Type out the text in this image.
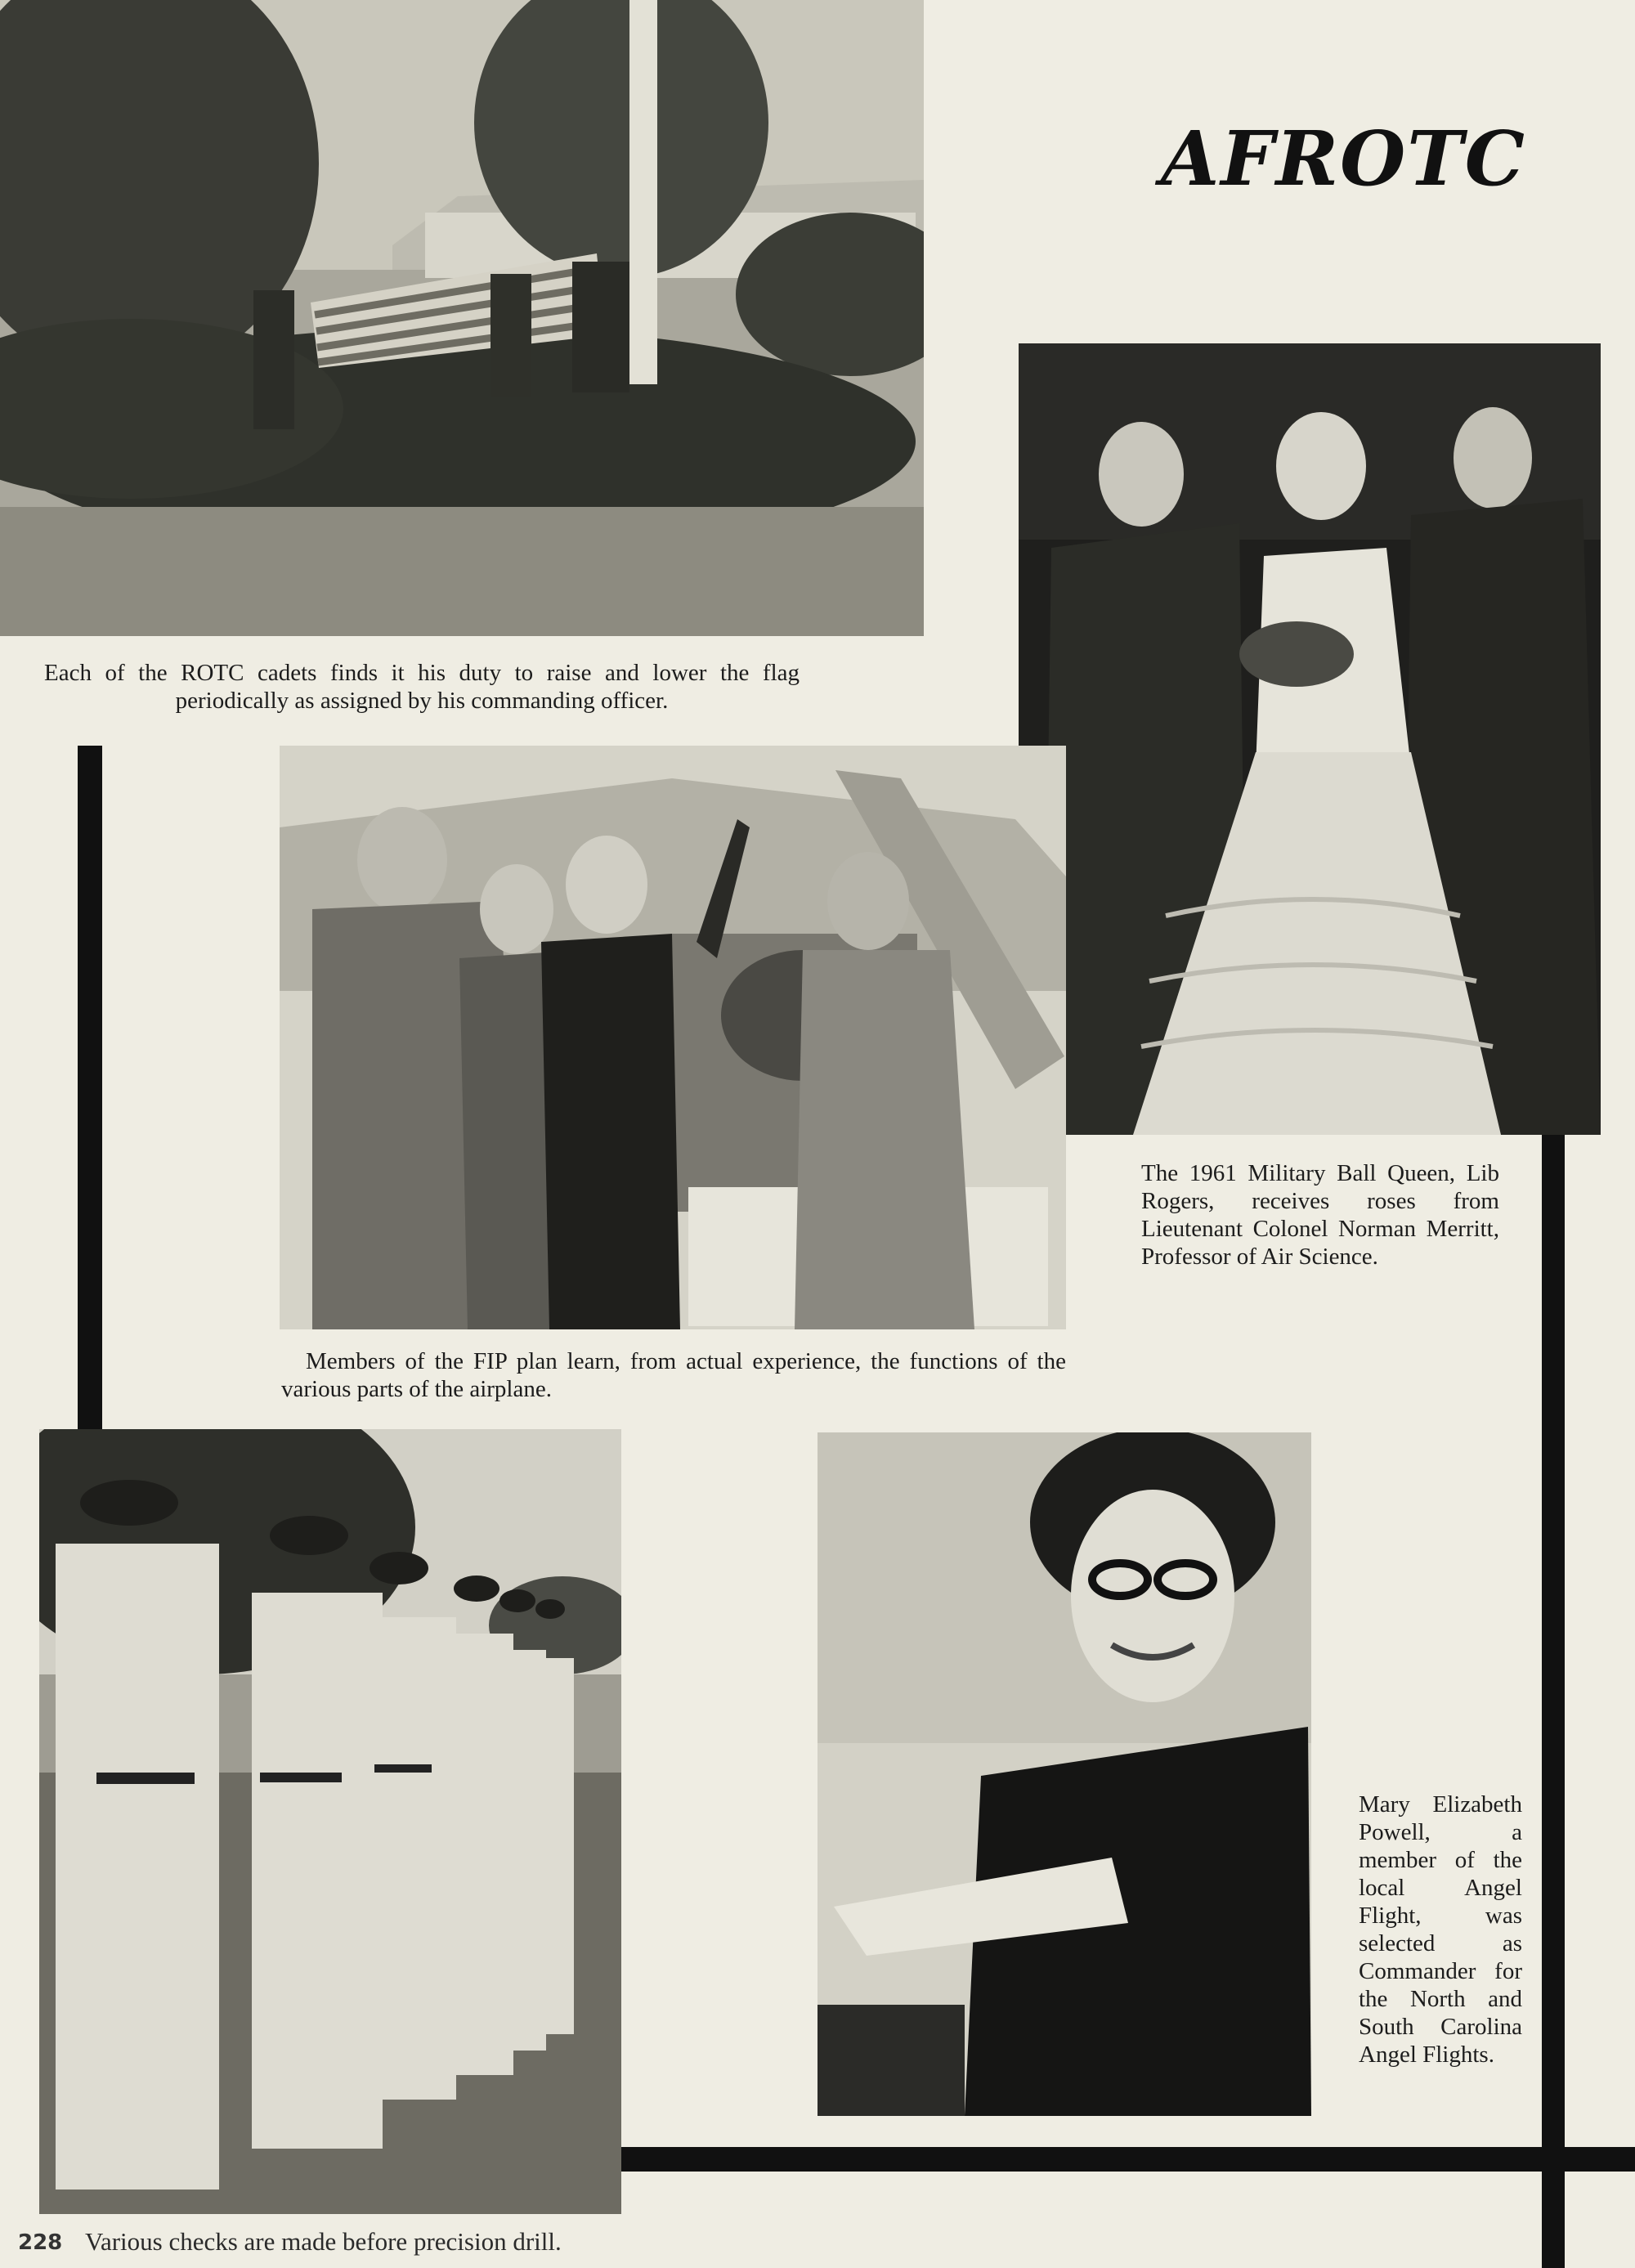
AFROTC

Each of the ROTC cadets finds it his duty to raise and lower the flag periodically as assigned by his commanding officer.

The 1961 Military Ball Queen, Lib Rogers, receives roses from Lieutenant Colonel Norman Merritt, Professor of Air Science.

Members of the FIP plan learn, from actual experience, the functions of the various parts of the airplane.

Mary Elizabeth Powell, a member of the local Angel Flight, was selected as Commander for the North and South Carolina Angel Flights.

228 Various checks are made before precision drill.
